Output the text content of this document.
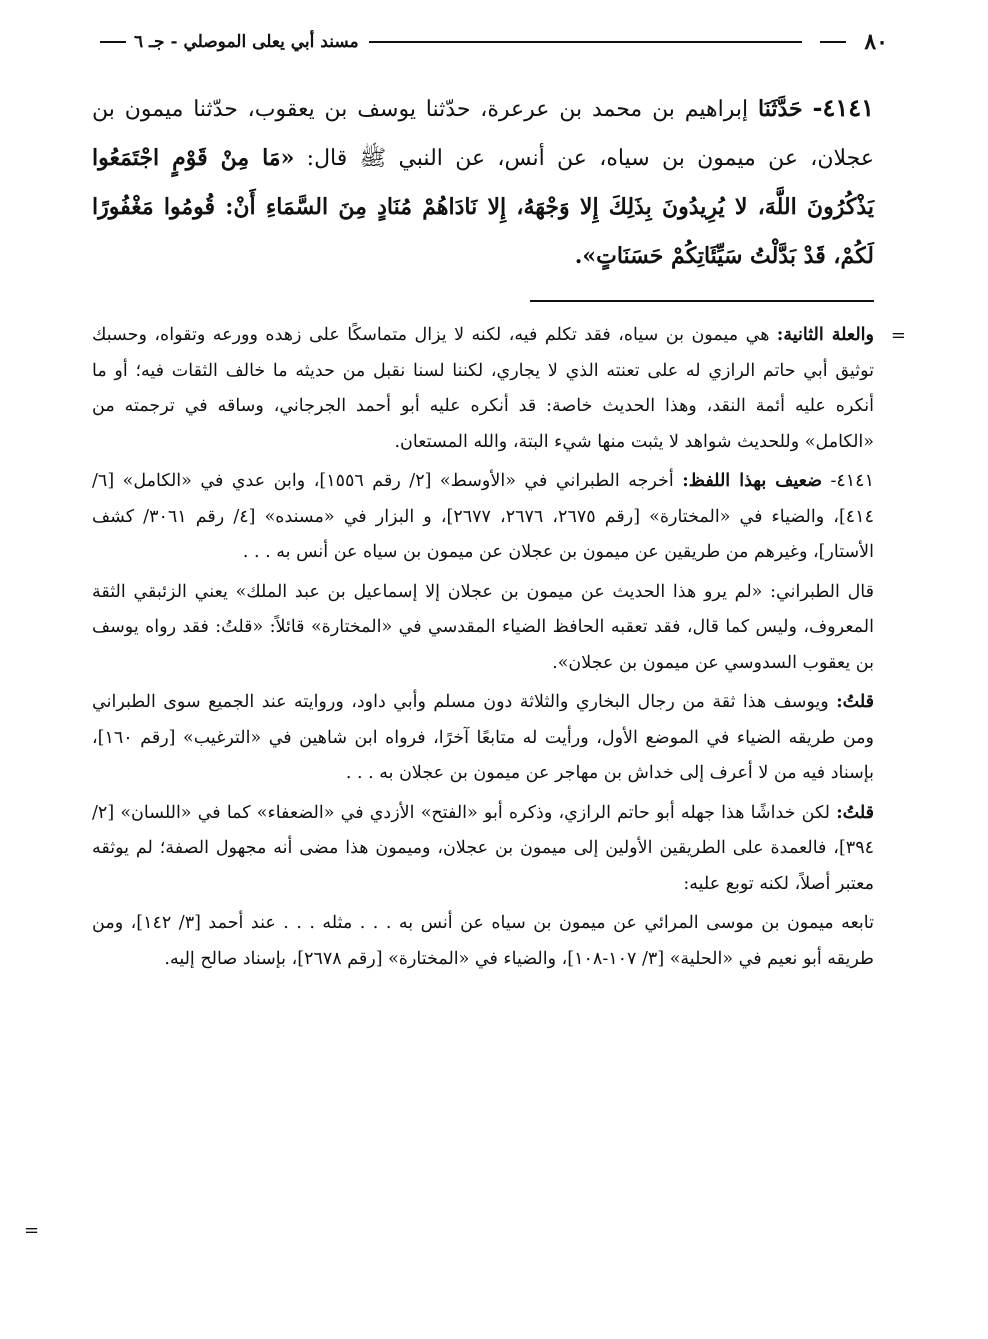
٨٠
مسند أبي يعلى الموصلي - جـ ٦
٤١٤١- حَدَّثَنَا إبراهيم بن محمد بن عرعرة، حدّثنا يوسف بن يعقوب، حدّثنا ميمون بن عجلان، عن ميمون بن سياه، عن أنس، عن النبي ﷺ قال: «مَا مِنْ قَوْمٍ اجْتَمَعُوا يَذْكُرُونَ اللَّهَ، لا يُرِيدُونَ بِذَلِكَ إِلا وَجْهَهُ، إِلا نَادَاهُمْ مُنَادٍ مِنَ السَّمَاءِ أَنْ: قُومُوا مَغْفُورًا لَكُمْ، قَدْ بَدَّلْتُ سَيِّئَاتِكُمْ حَسَنَاتٍ».
=

والعلة الثانية: هي ميمون بن سياه، فقد تكلم فيه، لكنه لا يزال متماسكًا على زهده وورعه وتقواه، وحسبك توثيق أبي حاتم الرازي له على تعنته الذي لا يجاري، لكننا لسنا نقبل من حديثه ما خالف الثقات فيه؛ أو ما أنكره عليه أئمة النقد، وهذا الحديث خاصة: قد أنكره عليه أبو أحمد الجرجاني، وساقه في ترجمته من «الكامل» وللحديث شواهد لا يثبت منها شيء البتة، والله المستعان.

٤١٤١- ضعيف بهذا اللفظ: أخرجه الطبراني في «الأوسط» [٢/ رقم ١٥٥٦]، وابن عدي في «الكامل» [٦/ ٤١٤]، والضياء في «المختارة» [رقم ٢٦٧٥، ٢٦٧٦، ٢٦٧٧]، و البزار في «مسنده» [٤/ رقم ٣٠٦١/ كشف الأستار]، وغيرهم من طريقين عن ميمون بن عجلان عن ميمون بن سياه عن أنس به . . .

قال الطبراني: «لم يرو هذا الحديث عن ميمون بن عجلان إلا إسماعيل بن عبد الملك» يعني الزئبقي الثقة المعروف، وليس كما قال، فقد تعقبه الحافظ الضياء المقدسي في «المختارة» قائلاً: «قلتُ: فقد رواه يوسف بن يعقوب السدوسي عن ميمون بن عجلان».

قلتُ: ويوسف هذا ثقة من رجال البخاري والثلاثة دون مسلم وأبي داود، وروايته عند الجميع سوى الطبراني ومن طريقه الضياء في الموضع الأول، ورأيت له متابعًا آخرًا، فرواه ابن شاهين في «الترغيب» [رقم ١٦٠]، بإسناد فيه من لا أعرف إلى خداش بن مهاجر عن ميمون بن عجلان به . . .

قلتُ: لكن خداشًا هذا جهله أبو حاتم الرازي، وذكره أبو «الفتح» الأزدي في «الضعفاء» كما في «اللسان» [٢/ ٣٩٤]، فالعمدة على الطريقين الأولين إلى ميمون بن عجلان، وميمون هذا مضى أنه مجهول الصفة؛ لم يوثقه معتبر أصلاً، لكنه توبع عليه:

تابعه ميمون بن موسى المرائي عن ميمون بن سياه عن أنس به . . . مثله . . . عند أحمد [٣/ ١٤٢]، ومن طريقه أبو نعيم في «الحلية» [٣/ ١٠٧-١٠٨]، والضياء في «المختارة» [رقم ٢٦٧٨]، بإسناد صالح إليه.

=
